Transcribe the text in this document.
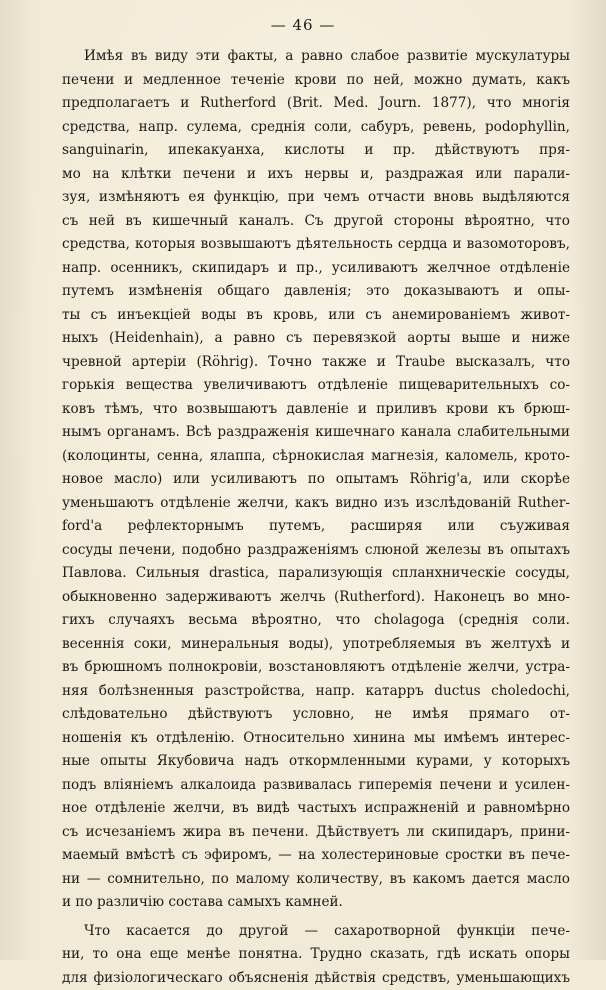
— 46 —
Имѣя въ виду эти факты, а равно слабое развитіе мускулатуры
печени и медленное теченіе крови по ней, можно думать, какъ
предполагаетъ и Rutherford (Brit. Med. Journ. 1877), что многія
средства, напр. сулема, среднія соли, сабуръ, ревень, podophyllin,
sanguinarin, ипекакуанха, кислоты и пр. дѣйствуютъ пря-
мо на клѣтки печени и ихъ нервы и, раздражая или парали-
зуя, измѣняютъ ея функцію, при чемъ отчасти вновь выдѣляются
съ ней въ кишечный каналъ. Съ другой стороны вѣроятно, что
средства, которыя возвышаютъ дѣятельность сердца и вазомоторовъ,
напр. осенникъ, скипидаръ и пр., усиливаютъ желчное отдѣленіе
путемъ измѣненія общаго давленія; это доказываютъ и опы-
ты съ инъекціей воды въ кровь, или съ анемированіемъ живот-
ныхъ (Heidenhain), а равно съ перевязкой аорты выше и ниже
чревной артеріи (Röhrig). Точно также и Traube высказалъ, что
горькія вещества увеличиваютъ отдѣленіе пищеварительныхъ со-
ковъ тѣмъ, что возвышаютъ давленіе и приливъ крови къ брюш-
нымъ органамъ. Всѣ раздраженія кишечнаго канала слабительными
(колоцинты, сенна, ялаппа, сѣрнокислая магнезія, каломель, крото-
новое масло) или усиливаютъ по опытамъ Röhrig'а, или скорѣе
уменьшаютъ отдѣленіе желчи, какъ видно изъ изслѣдованій Ruther-
ford'а рефлекторнымъ путемъ, расширяя или съуживая
сосуды печени, подобно раздраженіямъ слюной железы въ опытахъ
Павлова. Сильныя drastica, парализующія спланхническіе сосуды,
обыкновенно задерживаютъ желчь (Rutherford). Наконецъ во мно-
гихъ случаяхъ весьма вѣроятно, что cholagoga (среднія соли.
весеннія соки, минеральныя воды), употребляемыя въ желтухѣ и
въ брюшномъ полнокровіи, возстановляютъ отдѣленіе желчи, устра-
няя болѣзненныя разстройства, напр. катарръ ductus choledochi,
слѣдовательно дѣйствуютъ условно, не имѣя прямаго от-
ношенія къ отдѣленію. Относительно хинина мы имѣемъ интерес-
ные опыты Якубовича надъ откормленными курами, у которыхъ
подъ вліяніемъ алкалоида развивалась гиперемія печени и усилен-
ное отдѣленіе желчи, въ видѣ частыхъ испражненій и равномѣрно
съ исчезаніемъ жира въ печени. Дѣйствуетъ ли скипидаръ, прини-
маемый вмѣстѣ съ эфиромъ, — на холестериновые сростки въ пече-
ни — сомнительно, по малому количеству, въ какомъ дается масло
и по различію состава самыхъ камней.
Что касается до другой — сахаротворной функціи пече-
ни, то она еще менѣе понятна. Трудно сказать, гдѣ искать опоры
для физіологическаго объясненія дѣйствія средствъ, уменьшающихъ
